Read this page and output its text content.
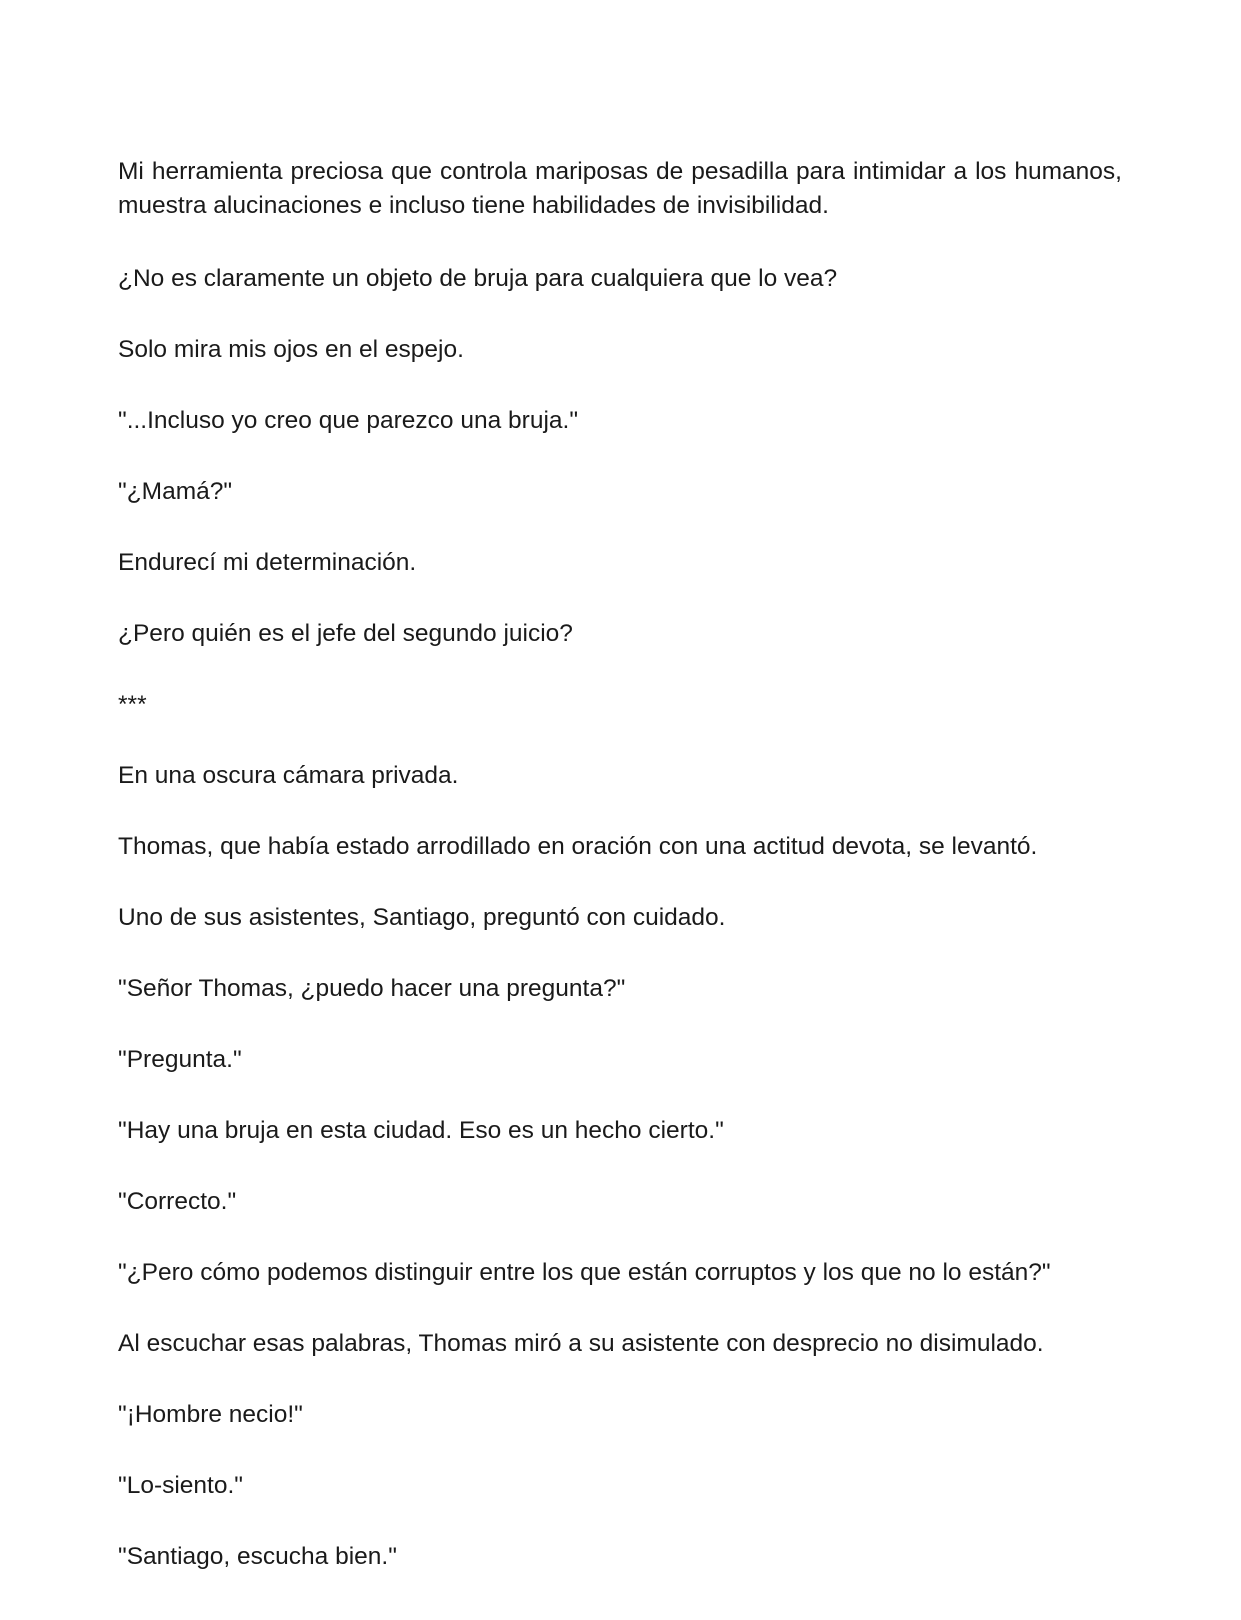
Mi herramienta preciosa que controla mariposas de pesadilla para intimidar a los humanos, muestra alucinaciones e incluso tiene habilidades de invisibilidad.

¿No es claramente un objeto de bruja para cualquiera que lo vea?

Solo mira mis ojos en el espejo.

"...Incluso yo creo que parezco una bruja."

"¿Mamá?"

Endurecí mi determinación.

¿Pero quién es el jefe del segundo juicio?

***

En una oscura cámara privada.

Thomas, que había estado arrodillado en oración con una actitud devota, se levantó.

Uno de sus asistentes, Santiago, preguntó con cuidado.

"Señor Thomas, ¿puedo hacer una pregunta?"

"Pregunta."

"Hay una bruja en esta ciudad. Eso es un hecho cierto."

"Correcto."

"¿Pero cómo podemos distinguir entre los que están corruptos y los que no lo están?"

Al escuchar esas palabras, Thomas miró a su asistente con desprecio no disimulado.

"¡Hombre necio!"

"Lo-siento."

"Santiago, escucha bien."
